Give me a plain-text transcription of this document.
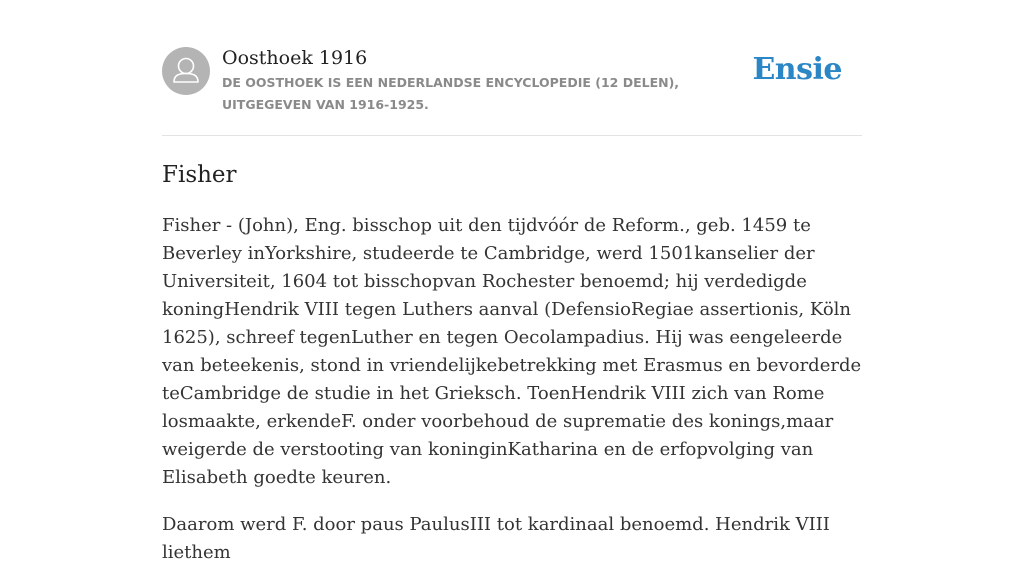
Oosthoek 1916
DE OOSTHOEK IS EEN NEDERLANDSE ENCYCLOPEDIE (12 DELEN), UITGEGEVEN VAN 1916-1925.
Ensie
Fisher

Fisher - (John), Eng. bisschop uit den tijdvóór de Reform., geb. 1459 te Beverley inYorkshire, studeerde te Cambridge, werd 1501kanselier der Universiteit, 1604 tot bisschopvan Rochester benoemd; hij verdedigde koningHendrik VIII tegen Luthers aanval (DefensioRegiae assertionis, Köln 1625), schreef tegenLuther en tegen Oecolampadius. Hij was eengeleerde van beteekenis, stond in vriendelijkebetrekking met Erasmus en bevorderde teCambridge de studie in het Grieksch. ToenHendrik VIII zich van Rome losmaakte, erkendeF. onder voorbehoud de suprematie des konings,maar weigerde de verstooting van koninginKatharina en de erfopvolging van Elisabeth goedte keuren.

Daarom werd F. door paus PaulusIII tot kardinaal benoemd. Hendrik VIII liethem
